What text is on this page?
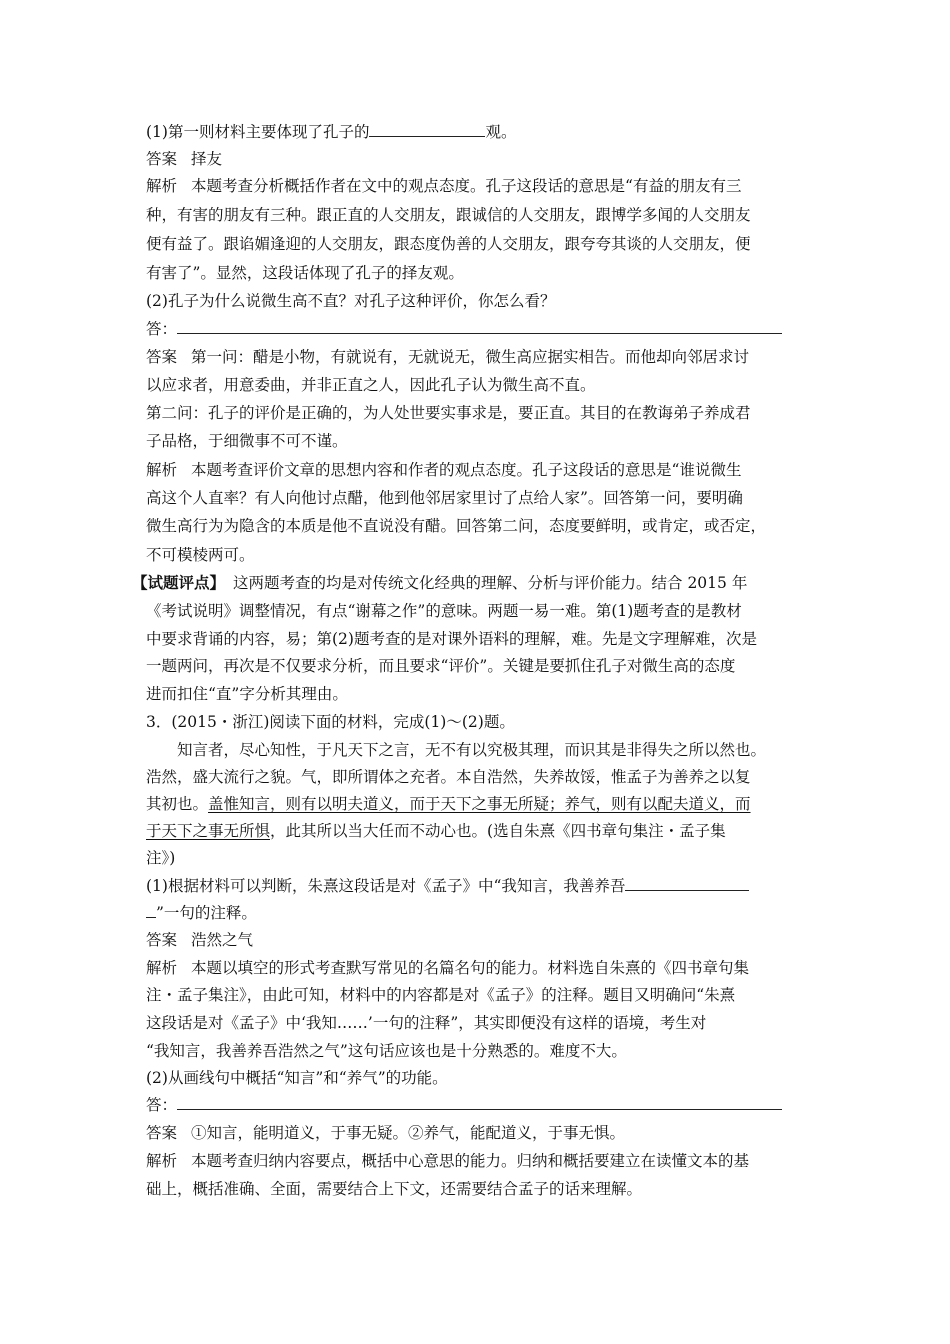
(1)第一则材料主要体现了孔子的	观。
答案 择友
解析 本题考查分析概括作者在文中的观点态度。孔子这段话的意思是“有益的朋友有三
种，有害的朋友有三种。跟正直的人交朋友，跟诚信的人交朋友，跟博学多闻的人交朋友
便有益了。跟谄媚逢迎的人交朋友，跟态度伪善的人交朋友，跟夸夸其谈的人交朋友，便
有害了”。显然，这段话体现了孔子的择友观。
(2)孔子为什么说微生高不直？对孔子这种评价，你怎么看？
答：
答案 第一问：醋是小物，有就说有，无就说无，微生高应据实相告。而他却向邻居求讨
以应求者，用意委曲，并非正直之人，因此孔子认为微生高不直。
第二问：孔子的评价是正确的，为人处世要实事求是，要正直。其目的在教诲弟子养成君
子品格，于细微事不可不谨。
解析 本题考查评价文章的思想内容和作者的观点态度。孔子这段话的意思是“谁说微生
高这个人直率？有人向他讨点醋，他到他邻居家里讨了点给人家”。回答第一问，要明确
微生高行为为隐含的本质是他不直说没有醋。回答第二问，态度要鲜明，或肯定，或否定，
不可模棱两可。
【试题评点】 这两题考查的均是对传统文化经典的理解、分析与评价能力。结合 2015 年
《考试说明》调整情况，有点“谢幕之作”的意味。两题一易一难。第(1)题考查的是教材
中要求背诵的内容，易；第(2)题考查的是对课外语料的理解，难。先是文字理解难，次是
一题两问，再次是不仅要求分析，而且要求“评价”。关键是要抓住孔子对微生高的态度
进而扣住“直”字分析其理由。
3．(2015・浙江)阅读下面的材料，完成(1)～(2)题。
知言者，尽心知性，于凡天下之言，无不有以究极其理，而识其是非得失之所以然也。
浩然，盛大流行之貌。气，即所谓体之充者。本自浩然，失养故馁，惟孟子为善养之以复
其初也。盖惟知言，则有以明夫道义，而于天下之事无所疑；养气，则有以配夫道义，而
于天下之事无所惧，此其所以当大任而不动心也。(选自朱熹《四书章句集注・孟子集
注》)
(1)根据材料可以判断，朱熹这段话是对《孟子》中“我知言，我善养吾
”一句的注释。
答案 浩然之气
解析 本题以填空的形式考查默写常见的名篇名句的能力。材料选自朱熹的《四书章句集
注・孟子集注》，由此可知，材料中的内容都是对《孟子》的注释。题目又明确问“朱熹
这段话是对《孟子》中‘我知……’一句的注释”，其实即便没有这样的语境，考生对
“我知言，我善养吾浩然之气”这句话应该也是十分熟悉的。难度不大。
(2)从画线句中概括“知言”和“养气”的功能。
答：
答案 ①知言，能明道义，于事无疑。②养气，能配道义，于事无惧。
解析 本题考查归纳内容要点，概括中心意思的能力。归纳和概括要建立在读懂文本的基
础上，概括准确、全面，需要结合上下文，还需要结合孟子的话来理解。
